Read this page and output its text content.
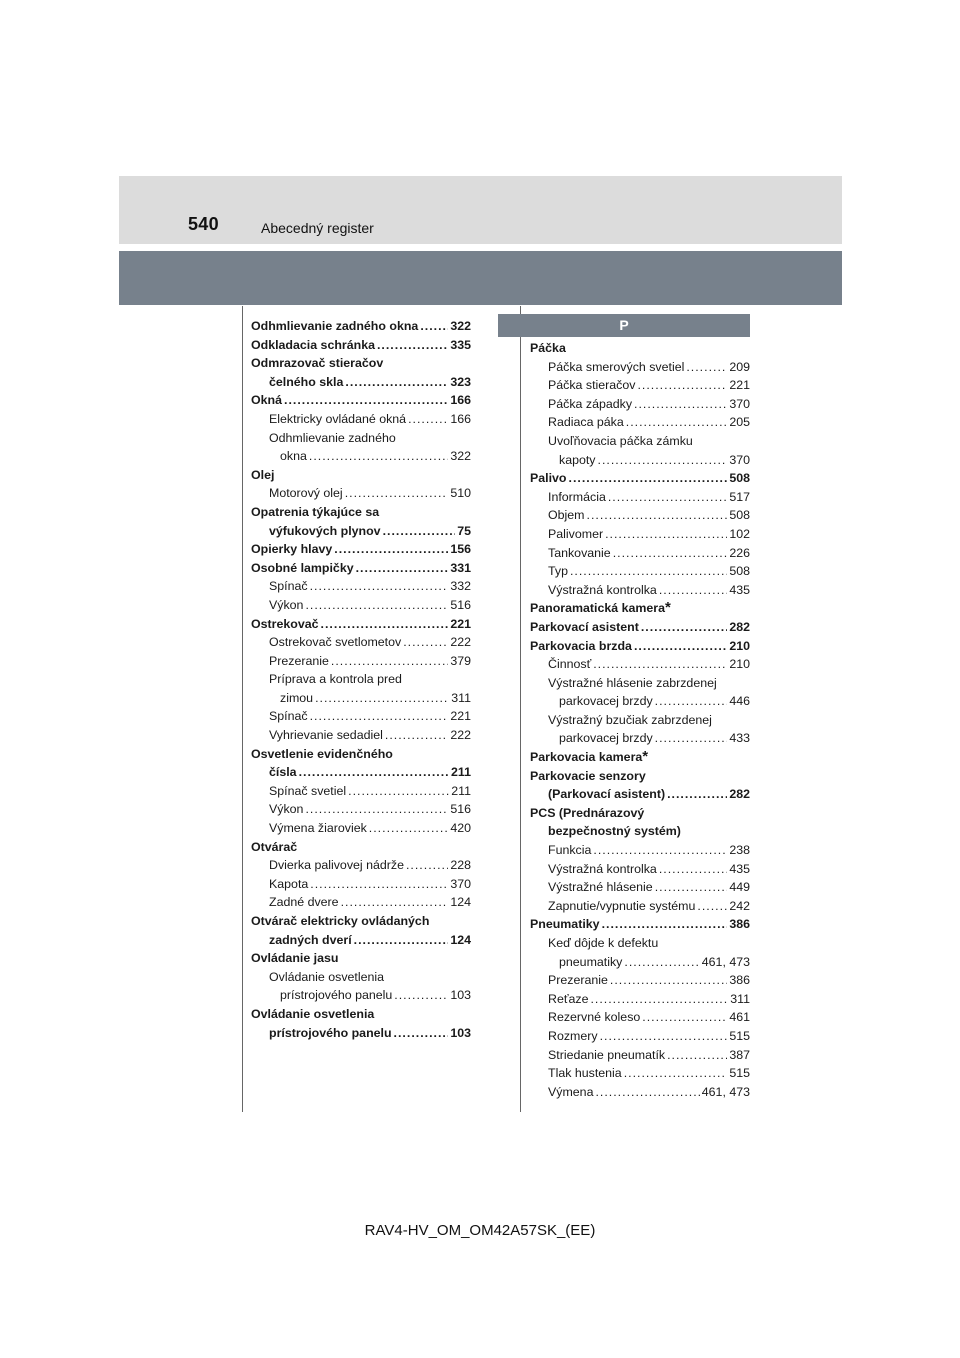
540	Abecedný register
Odhmlievanie zadného okna .....	322
Odkladacia schránka .....	335
Odmrazovač stieračov
čelného skla .....	323
Okná .....	166
Elektricky ovládané okná .....	166
Odhmlievanie zadného
okna .....	322
Olej
Motorový olej .....	510
Opatrenia týkajúce sa
výfukových plynov .....	75
Opierky hlavy .....	156
Osobné lampičky .....	331
Spínač .....	332
Výkon .....	516
Ostrekovač .....	221
Ostrekovač svetlometov .....	222
Prezeranie .....	379
Príprava a kontrola pred
zimou .....	311
Spínač .....	221
Vyhrievanie sedadiel .....	222
Osvetlenie evidenčného
čísla .....	211
Spínač svetiel .....	211
Výkon .....	516
Výmena žiaroviek .....	420
Otvárač
Dvierka palivovej nádrže .....	228
Kapota .....	370
Zadné dvere .....	124
Otvárač elektricky ovládaných
zadných dverí .....	124
Ovládanie jasu
Ovládanie osvetlenia
prístrojového panelu .....	103
Ovládanie osvetlenia
prístrojového panelu .....	103
P
Páčka
Páčka smerových svetiel .....	209
Páčka stieračov .....	221
Páčka západky .....	370
Radiaca páka .....	205
Uvoľňovacia páčka zámku
kapoty .....	370
Palivo .....	508
Informácia .....	517
Objem .....	508
Palivomer .....	102
Tankovanie .....	226
Typ .....	508
Výstražná kontrolka .....	435
Panoramatická kamera *
Parkovací asistent .....	282
Parkovacia brzda .....	210
Činnosť .....	210
Výstražné hlásenie zabrzdenej
parkovacej brzdy .....	446
Výstražný bzučiak zabrzdenej
parkovacej brzdy .....	433
Parkovacia kamera *
Parkovacie senzory
(Parkovací asistent) .....	282
PCS (Prednárazový
bezpečnostný systém)
Funkcia .....	238
Výstražná kontrolka .....	435
Výstražné hlásenie .....	449
Zapnutie/vypnutie systému .....	242
Pneumatiky .....	386
Keď dôjde k defektu
pneumatiky .....	461, 473
Prezeranie .....	386
Reťaze .....	311
Rezervné koleso .....	461
Rozmery .....	515
Striedanie pneumatík .....	387
Tlak hustenia .....	515
Výmena .....	461, 473
RAV4-HV_OM_OM42A57SK_(EE)
